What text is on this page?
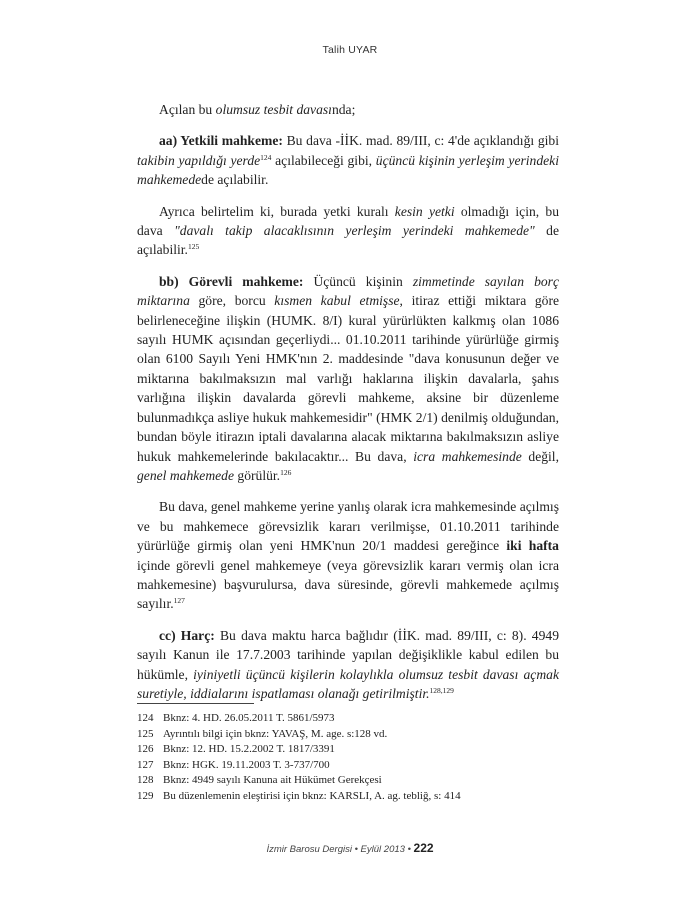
Talih UYAR

Açılan bu olumsuz tesbit davasında;

aa) Yetkili mahkeme: Bu dava -İİK. mad. 89/III, c: 4'de açıklandığı gibi takibin yapıldığı yerde$^{124}$ açılabileceği gibi, üçüncü kişinin yerleşim yerindeki mahkemedede açılabilir.

Ayrıca belirtelim ki, burada yetki kuralı kesin yetki olmadığı için, bu dava "davalı takip alacaklısının yerleşim yerindeki mahkemede" de açılabilir.$^{125}$

bb) Görevli mahkeme: Üçüncü kişinin zimmetinde sayılan borç miktarına göre, borcu kısmen kabul etmişse, itiraz ettiği miktara göre belirleneceğine ilişkin (HUMK. 8/I) kural yürürlükten kalkmış olan 1086 sayılı HUMK açısından geçerliydi... 01.10.2011 tarihinde yürürlüğe girmiş olan 6100 Sayılı Yeni HMK'nın 2. maddesinde "dava konusunun değer ve miktarına bakılmaksızın mal varlığı haklarına ilişkin davalarla, şahıs varlığına ilişkin davalarda görevli mahkeme, aksine bir düzenleme bulunmadıkça asliye hukuk mahkemesidir" (HMK 2/1) denilmiş olduğundan, bundan böyle itirazın iptali davalarına alacak miktarına bakılmaksızın asliye hukuk mahkemelerinde bakılacaktır... Bu dava, icra mahkemesinde değil, genel mahkemede görülür.$^{126}$

Bu dava, genel mahkeme yerine yanlış olarak icra mahkemesinde açılmış ve bu mahkemece görevsizlik kararı verilmişse, 01.10.2011 tarihinde yürürlüğe girmiş olan yeni HMK'nun 20/1 maddesi gereğince iki hafta içinde görevli genel mahkemeye (veya görevsizlik kararı vermiş olan icra mahkemesine) başvurulursa, dava süresinde, görevli mahkemede açılmış sayılır.$^{127}$

cc) Harç: Bu dava maktu harca bağlıdır (İİK. mad. 89/III, c: 8). 4949 sayılı Kanun ile 17.7.2003 tarihinde yapılan değişiklikle kabul edilen bu hükümle, iyiniyetli üçüncü kişilerin kolaylıkla olumsuz tesbit davası açmak suretiyle, iddialarını ispatlaması olanağı getirilmiştir.$^{128,129}$

124 Bknz: 4. HD. 26.05.2011 T. 5861/5973
125 Ayrıntılı bilgi için bknz: YAVAŞ, M. age. s:128 vd.
126 Bknz: 12. HD. 15.2.2002 T. 1817/3391
127 Bknz: HGK. 19.11.2003 T. 3-737/700
128 Bknz: 4949 sayılı Kanuna ait Hükümet Gerekçesi
129 Bu düzenlemenin eleştirisi için bknz: KARSLI, A. ag. tebliğ, s: 414
İzmir Barosu Dergisi • Eylül 2013 • 222
